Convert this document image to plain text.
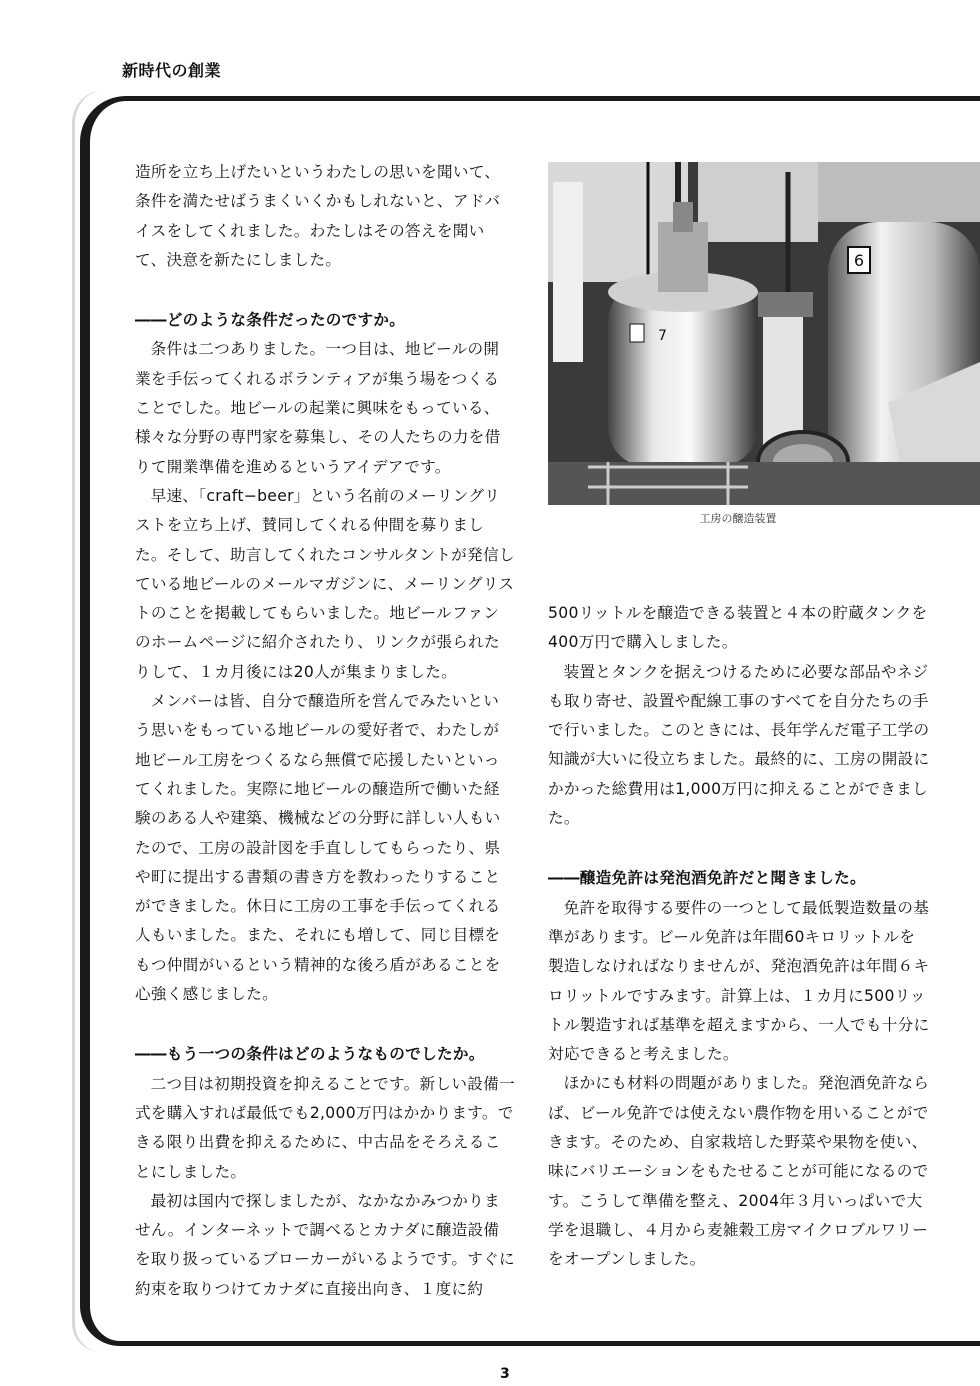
新時代の創業

造所を立ち上げたいというわたしの思いを聞いて、条件を満たせばうまくいくかもしれないと、アドバイスをしてくれました。わたしはその答えを聞いて、決意を新たにしました。

――どのような条件だったのですか。

条件は二つありました。一つ目は、地ビールの開業を手伝ってくれるボランティアが集う場をつくることでした。地ビールの起業に興味をもっている、様々な分野の専門家を募集し、その人たちの力を借りて開業準備を進めるというアイデアです。

早速、「craft−beer」という名前のメーリングリストを立ち上げ、賛同してくれる仲間を募りました。そして、助言してくれたコンサルタントが発信している地ビールのメールマガジンに、メーリングリストのことを掲載してもらいました。地ビールファンのホームページに紹介されたり、リンクが張られたりして、１カ月後には20人が集まりました。

メンバーは皆、自分で醸造所を営んでみたいという思いをもっている地ビールの愛好者で、わたしが地ビール工房をつくるなら無償で応援したいといってくれました。実際に地ビールの醸造所で働いた経験のある人や建築、機械などの分野に詳しい人もいたので、工房の設計図を手直ししてもらったり、県や町に提出する書類の書き方を教わったりすることができました。休日に工房の工事を手伝ってくれる人もいました。また、それにも増して、同じ目標をもつ仲間がいるという精神的な後ろ盾があることを心強く感じました。

――もう一つの条件はどのようなものでしたか。

二つ目は初期投資を抑えることです。新しい設備一式を購入すれば最低でも2,000万円はかかります。できる限り出費を抑えるために、中古品をそろえることにしました。

最初は国内で探しましたが、なかなかみつかりません。インターネットで調べるとカナダに醸造設備を取り扱っているブローカーがいるようです。すぐに約束を取りつけてカナダに直接出向き、１度に約

6
7
工房の醸造装置

500リットルを醸造できる装置と４本の貯蔵タンクを400万円で購入しました。

装置とタンクを据えつけるために必要な部品やネジも取り寄せ、設置や配線工事のすべてを自分たちの手で行いました。このときには、長年学んだ電子工学の知識が大いに役立ちました。最終的に、工房の開設にかかった総費用は1,000万円に抑えることができました。

――醸造免許は発泡酒免許だと聞きました。

免許を取得する要件の一つとして最低製造数量の基準があります。ビール免許は年間60キロリットルを製造しなければなりませんが、発泡酒免許は年間６キロリットルですみます。計算上は、１カ月に500リットル製造すれば基準を超えますから、一人でも十分に対応できると考えました。

ほかにも材料の問題がありました。発泡酒免許ならば、ビール免許では使えない農作物を用いることができます。そのため、自家栽培した野菜や果物を使い、味にバリエーションをもたせることが可能になるのです。こうして準備を整え、2004年３月いっぱいで大学を退職し、４月から麦雑穀工房マイクロブルワリーをオープンしました。

3
